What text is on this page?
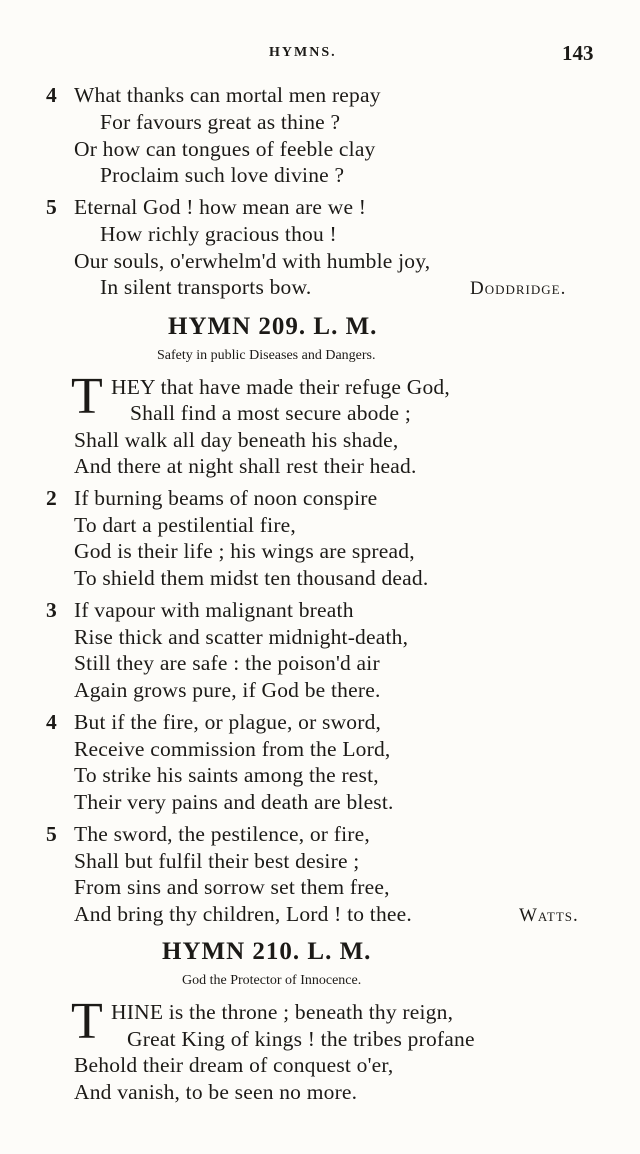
HYMNS.	143
4 What thanks can mortal men repay
For favours great as thine ?
Or how can tongues of feeble clay
Proclaim such love divine ?
5 Eternal God ! how mean are we !
How richly gracious thou !
Our souls, o'erwhelm'd with humble joy,
In silent transports bow.	Doddridge.
HYMN 209. L. M.
Safety in public Diseases and Dangers.
T HEY that have made their refuge God,
Shall find a most secure abode ;
Shall walk all day beneath his shade,
And there at night shall rest their head.
2 If burning beams of noon conspire
To dart a pestilential fire,
God is their life ; his wings are spread,
To shield them midst ten thousand dead.
3 If vapour with malignant breath
Rise thick and scatter midnight-death,
Still they are safe : the poison'd air
Again grows pure, if God be there.
4 But if the fire, or plague, or sword,
Receive commission from the Lord,
To strike his saints among the rest,
Their very pains and death are blest.
5 The sword, the pestilence, or fire,
Shall but fulfil their best desire ;
From sins and sorrow set them free,
And bring thy children, Lord ! to thee.	Watts.
HYMN 210. L. M.
God the Protector of Innocence.
T HINE is the throne ; beneath thy reign,
Great King of kings ! the tribes profane
Behold their dream of conquest o'er,
And vanish, to be seen no more.
